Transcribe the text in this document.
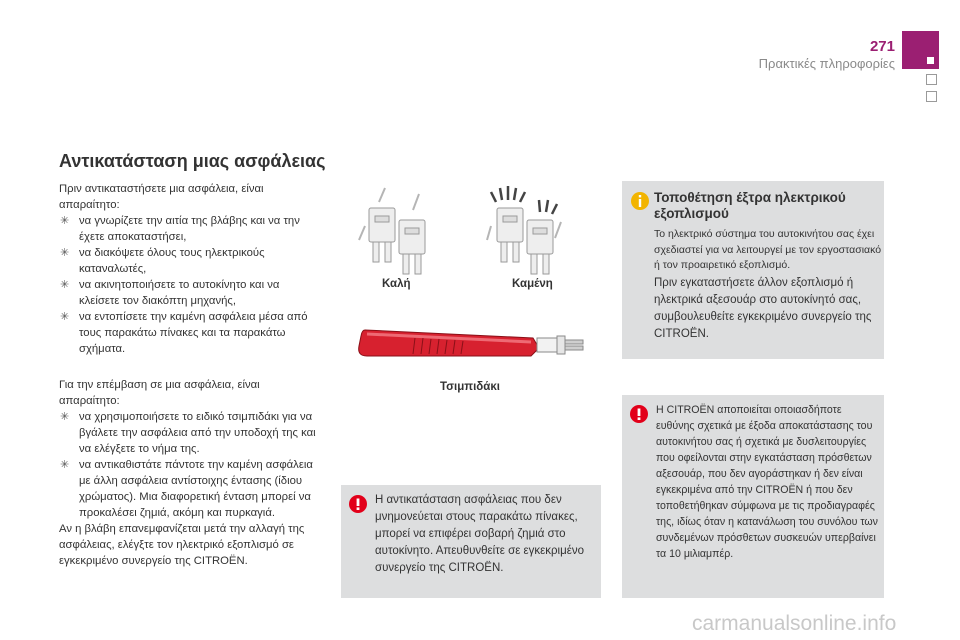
271
Πρακτικές πληροφορίες
Αντικατάσταση μιας ασφάλειας

Πριν αντικαταστήσετε μια ασφάλεια, είναι απαραίτητο:

✳ να γνωρίζετε την αιτία της βλάβης και να την έχετε αποκαταστήσει,
✳ να διακόψετε όλους τους ηλεκτρικούς καταναλωτές,
✳ να ακινητοποιήσετε το αυτοκίνητο και να κλείσετε τον διακόπτη μηχανής,
✳ να εντοπίσετε την καμένη ασφάλεια μέσα από τους παρακάτω πίνακες και τα παρακάτω σχήματα.

Για την επέμβαση σε μια ασφάλεια, είναι απαραίτητο:

✳ να χρησιμοποιήσετε το ειδικό τσιμπιδάκι για να βγάλετε την ασφάλεια από την υποδοχή της και να ελέγξετε το νήμα της.
✳ να αντικαθιστάτε πάντοτε την καμένη ασφάλεια με άλλη ασφάλεια αντίστοιχης έντασης (ίδιου χρώματος). Μια διαφορετική ένταση μπορεί να προκαλέσει ζημιά, ακόμη και πυρκαγιά.

Αν η βλάβη επανεμφανίζεται μετά την αλλαγή της ασφάλειας, ελέγξτε τον ηλεκτρικό εξοπλισμό σε εγκεκριμένο συνεργείο της CITROËN.

Καλή	Καμένη
Τσιμπιδάκι
Η αντικατάσταση ασφάλειας που δεν μνημονεύεται στους παρακάτω πίνακες, μπορεί να επιφέρει σοβαρή ζημιά στο αυτοκίνητο. Απευθυνθείτε σε εγκεκριμένο συνεργείο της CITROËN.
Τοποθέτηση έξτρα ηλεκτρικού εξοπλισμού
Το ηλεκτρικό σύστημα του αυτοκινήτου σας έχει σχεδιαστεί για να λειτουργεί με τον εργοστασιακό ή τον προαιρετικό εξοπλισμό.
Πριν εγκαταστήσετε άλλον εξοπλισμό ή ηλεκτρικά αξεσουάρ στο αυτοκίνητό σας, συμβουλευθείτε εγκεκριμένο συνεργείο της CITROËN.
Η CITROËN αποποιείται οποιασδήποτε ευθύνης σχετικά με έξοδα αποκατάστασης του αυτοκινήτου σας ή σχετικά με δυσλειτουργίες που οφείλονται στην εγκατάσταση πρόσθετων αξεσουάρ, που δεν αγοράστηκαν ή δεν είναι εγκεκριμένα από την CITROËN ή που δεν τοποθετήθηκαν σύμφωνα με τις προδιαγραφές της, ιδίως όταν η κατανάλωση του συνόλου των συνδεμένων πρόσθετων συσκευών υπερβαίνει τα 10 μιλιαμπέρ.
carmanualsonline.info
